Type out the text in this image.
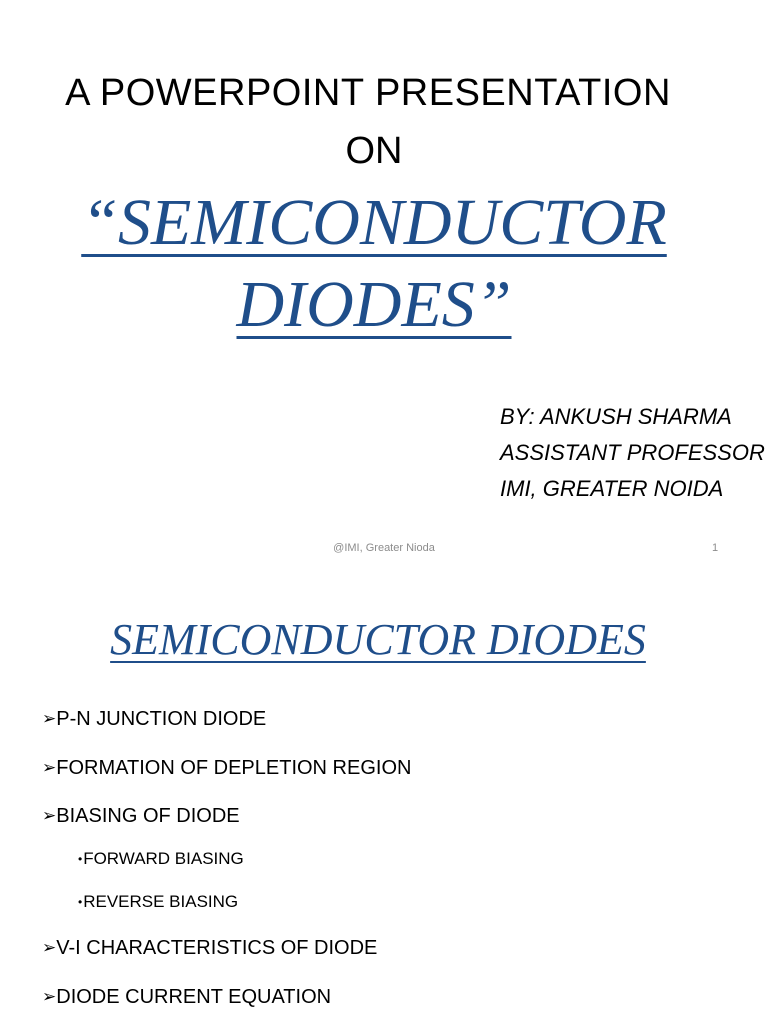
A POWERPOINT PRESENTATION
ON
“SEMICONDUCTOR
DIODES”
BY: ANKUSH SHARMA
ASSISTANT PROFESSOR
IMI, GREATER NOIDA
@IMI, Greater Nioda	1
SEMICONDUCTOR DIODES
➢ P-N JUNCTION DIODE
➢ FORMATION OF DEPLETION REGION
➢ BIASING OF DIODE
• FORWARD BIASING
• REVERSE BIASING
➢ V-I CHARACTERISTICS OF DIODE
➢ DIODE CURRENT EQUATION
